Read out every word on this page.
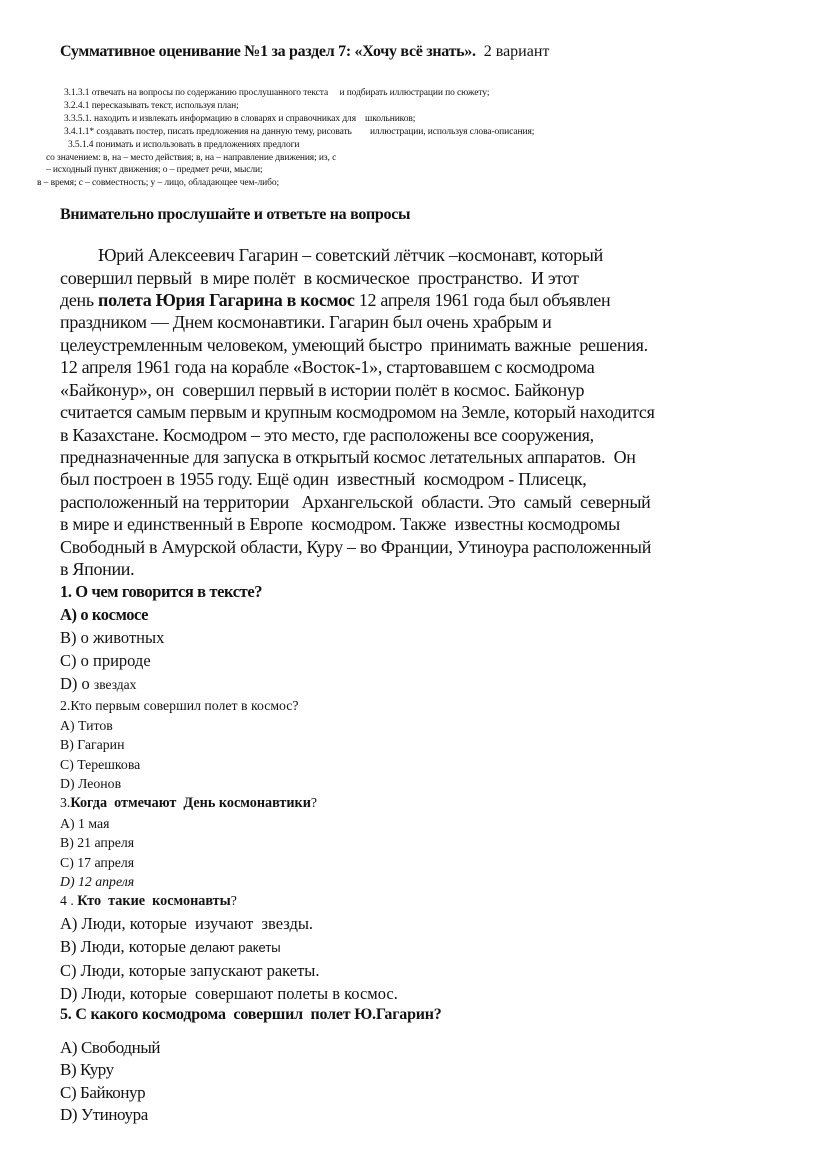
Суммативное оценивание №1 за раздел 7: «Хочу всё знать».  2 вариант
3.1.3.1 отвечать на вопросы по содержанию прослушанного текста     и подбирать иллюстрации по сюжету;
3.2.4.1 пересказывать текст, используя план;
3.3.5.1. находить и извлекать информацию в словарях и справочниках для    школьников;
3.4.1.1* создавать постер, писать предложения на данную тему, рисовать        иллюстрации, используя слова-описания;
3.5.1.4 понимать и использовать в предложениях предлоги
со значением: в, на – место действия; в, на – направление движения; из, с
– исходный пункт движения; о – предмет речи, мысли;
в – время; с – совместность; у – лицо, обладающее чем-либо;
Внимательно прослушайте и ответьте на вопросы
Юрий Алексеевич Гагарин – советский лётчик –космонавт, который
совершил первый  в мире полёт  в космическое  пространство.  И этот
день полета Юрия Гагарина в космос 12 апреля 1961 года был объявлен
праздником — Днем космонавтики. Гагарин был очень храбрым и
целеустремленным человеком, умеющий быстро  принимать важные  решения.
12 апреля 1961 года на корабле «Восток-1», стартовавшем с космодрома
«Байконур», он  совершил первый в истории полёт в космос. Байконур
считается самым первым и крупным космодромом на Земле, который находится
в Казахстане. Космодром – это место, где расположены все сооружения,
предназначенные для запуска в открытый космос летательных аппаратов.  Он
был построен в 1955 году. Ещё один  известный  космодром - Плисецк,
расположенный на территории   Архангельской  области. Это  самый  северный
в мире и единственный в Европе  космодром. Также  известны космодромы
Свободный в Амурской области, Куру – во Франции, Утиноура расположенный
в Японии.
1. О чем говорится в тексте?
А) о космосе
В) о животных
С) о природе
D) о звездах
2.Кто первым совершил полет в космос?
А) Титов
В) Гагарин
С) Терешкова
D) Леонов
3.Когда  отмечают  День космонавтики?
А) 1 мая
В) 21 апреля
С) 17 апреля
D) 12 апреля
4 . Кто  такие  космонавты?
А) Люди, которые  изучают  звезды.
В) Люди, которые делают ракеты
С) Люди, которые запускают ракеты.
D) Люди, которые  совершают полеты в космос.
5. С какого космодрома  совершил  полет Ю.Гагарин?
А) Свободный
В) Куру
С) Байконур
D) Утиноура
